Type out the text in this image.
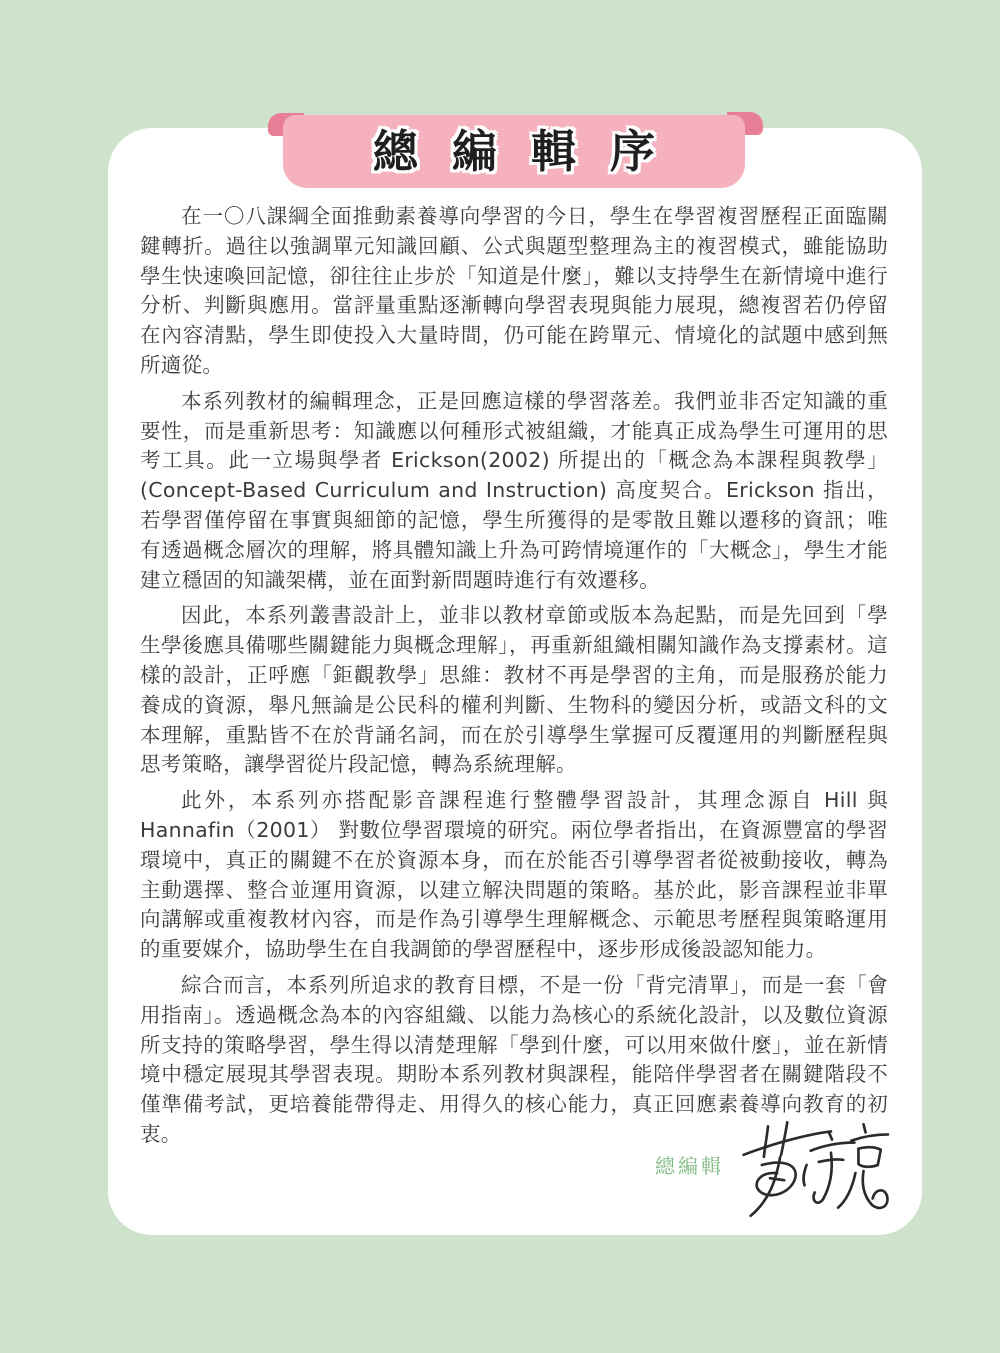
總編輯序

在一〇八課綱全面推動素養導向學習的今日，學生在學習複習歷程正面臨關鍵轉折。過往以強調單元知識回顧、公式與題型整理為主的複習模式，雖能協助學生快速喚回記憶，卻往往止步於「知道是什麼」，難以支持學生在新情境中進行分析、判斷與應用。當評量重點逐漸轉向學習表現與能力展現，總複習若仍停留在內容清點，學生即使投入大量時間，仍可能在跨單元、情境化的試題中感到無所適從。

本系列教材的編輯理念，正是回應這樣的學習落差。我們並非否定知識的重要性，而是重新思考：知識應以何種形式被組織，才能真正成為學生可運用的思考工具。此一立場與學者 Erickson(2002) 所提出的「概念為本課程與教學」(Concept-Based Curriculum and Instruction) 高度契合。Erickson 指出，若學習僅停留在事實與細節的記憶，學生所獲得的是零散且難以遷移的資訊；唯有透過概念層次的理解，將具體知識上升為可跨情境運作的「大概念」，學生才能建立穩固的知識架構，並在面對新問題時進行有效遷移。

因此，本系列叢書設計上，並非以教材章節或版本為起點，而是先回到「學生學後應具備哪些關鍵能力與概念理解」，再重新組織相關知識作為支撐素材。這樣的設計，正呼應「鉅觀教學」思維：教材不再是學習的主角，而是服務於能力養成的資源，舉凡無論是公民科的權利判斷、生物科的變因分析，或語文科的文本理解，重點皆不在於背誦名詞，而在於引導學生掌握可反覆運用的判斷歷程與思考策略，讓學習從片段記憶，轉為系統理解。

此外，本系列亦搭配影音課程進行整體學習設計，其理念源自 Hill 與 Hannafin（2001） 對數位學習環境的研究。兩位學者指出，在資源豐富的學習環境中，真正的關鍵不在於資源本身，而在於能否引導學習者從被動接收，轉為主動選擇、整合並運用資源，以建立解決問題的策略。基於此，影音課程並非單向講解或重複教材內容，而是作為引導學生理解概念、示範思考歷程與策略運用的重要媒介，協助學生在自我調節的學習歷程中，逐步形成後設認知能力。

綜合而言，本系列所追求的教育目標，不是一份「背完清單」，而是一套「會用指南」。透過概念為本的內容組織、以能力為核心的系統化設計，以及數位資源所支持的策略學習，學生得以清楚理解「學到什麼，可以用來做什麼」，並在新情境中穩定展現其學習表現。期盼本系列教材與課程，能陪伴學習者在關鍵階段不僅準備考試，更培養能帶得走、用得久的核心能力，真正回應素養導向教育的初衷。

總編輯
